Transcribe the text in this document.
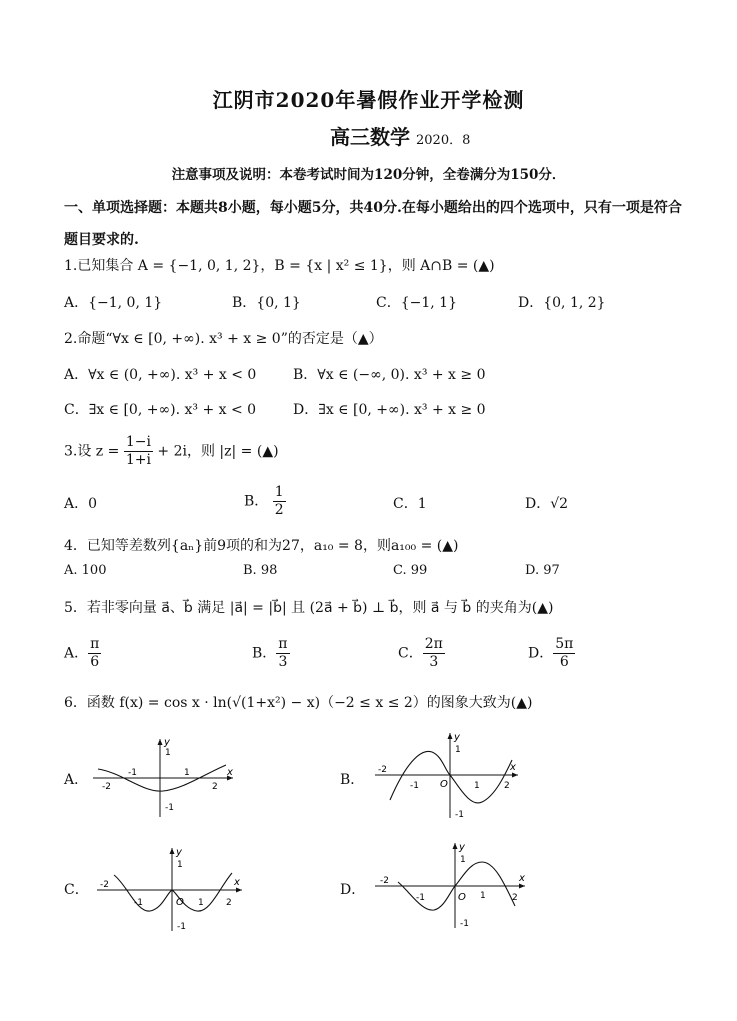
江阴市2020年暑假作业开学检测
高三数学 2020．8
注意事项及说明：本卷考试时间为120分钟，全卷满分为150分．
一、单项选择题：本题共8小题，每小题5分，共40分.在每小题给出的四个选项中，只有一项是符合题目要求的.
1.已知集合 A = {−1, 0, 1, 2}，B = {x | x² ≤ 1}，则 A∩B = (▲)
A．{−1, 0, 1}	B．{0, 1}	C．{−1, 1}	D．{0, 1, 2}
2.命题“∀x ∈ [0, +∞). x³ + x ≥ 0”的否定是（▲）
A．∀x ∈ (0, +∞). x³ + x < 0	B．∀x ∈ (−∞, 0). x³ + x ≥ 0
C．∃x ∈ [0, +∞). x³ + x < 0	D．∃x ∈ [0, +∞). x³ + x ≥ 0
3.设 $z = \frac{1-i}{1+i} + 2i$，则 |z| = (▲)
A．0	B． $\frac{1}{2}$	C．1	D．√2
4．已知等差数列{aₙ}前9项的和为27，a₁₀ = 8，则a₁₀₀ = (▲)
A. 100	B. 98	C. 99	D. 97
5．若非零向量 a⃗、b⃗ 满足 |a⃗| = |b⃗| 且 (2a⃗ + b⃗) ⊥ b⃗，则 a⃗ 与 b⃗ 的夹角为(▲)
A． $\frac{\pi}{6}$	B． $\frac{\pi}{3}$	C． $\frac{2\pi}{3}$	D． $\frac{5\pi}{6}$
6．函数 f(x) = cos x · ln(√(1+x²) − x)（−2 ≤ x ≤ 2）的图象大致为(▲)
A．	B．
C．	D．
x
y
1
-1
-2
-1	1
2
x
y
1
-1
-2
-1 O	1	2
x
y
1
-1
-2
-1	O 1 2
x
y
1
-1
-2
-1	O 1	2
